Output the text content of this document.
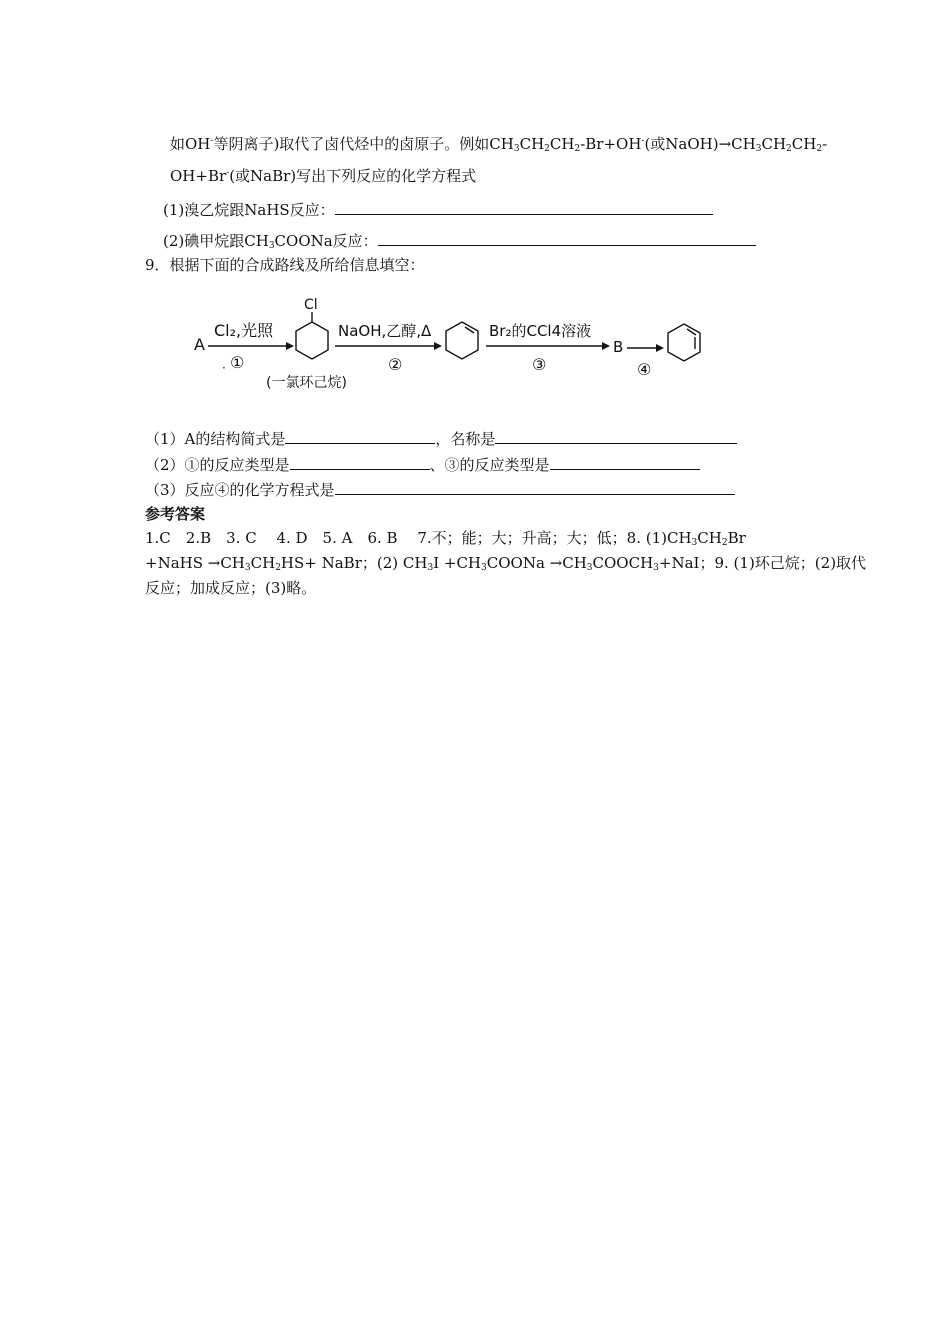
如OH-等阴离子)取代了卤代烃中的卤原子。例如$CH_3CH_2CH_2-Br+OH^-$(或$NaOH)\to CH_3CH_2CH_2-$
OH+Br-(或NaBr)写出下列反应的化学方程式
(1)溴乙烷跟NaHS反应：
(2)碘甲烷跟$CH_3COONa$反应：
9．根据下面的合成路线及所给信息填空：
A
Cl₂,光照
①
·
Cl
(一氯环己烷)
NaOH,乙醇,Δ
②
Br₂的CCl4溶液
③
B
④
（1）A的结构简式是	，名称是
（2）①的反应类型是	、③的反应类型是
（3）反应④的化学方程式是
参考答案
1.C　2.B　3. C　 4. D　5. A　6. B　 7.不；能；大；升高；大；低；8. $(1)CH_3CH_2Br$
+NaHS $\to CH_3CH_2HS+$ NaBr；(2) $CH_3I$ $+CH_3COONa$ $\to CH_3COOCH_3+NaI$；9. (1)环己烷；(2)取代
反应；加成反应；(3)略。
